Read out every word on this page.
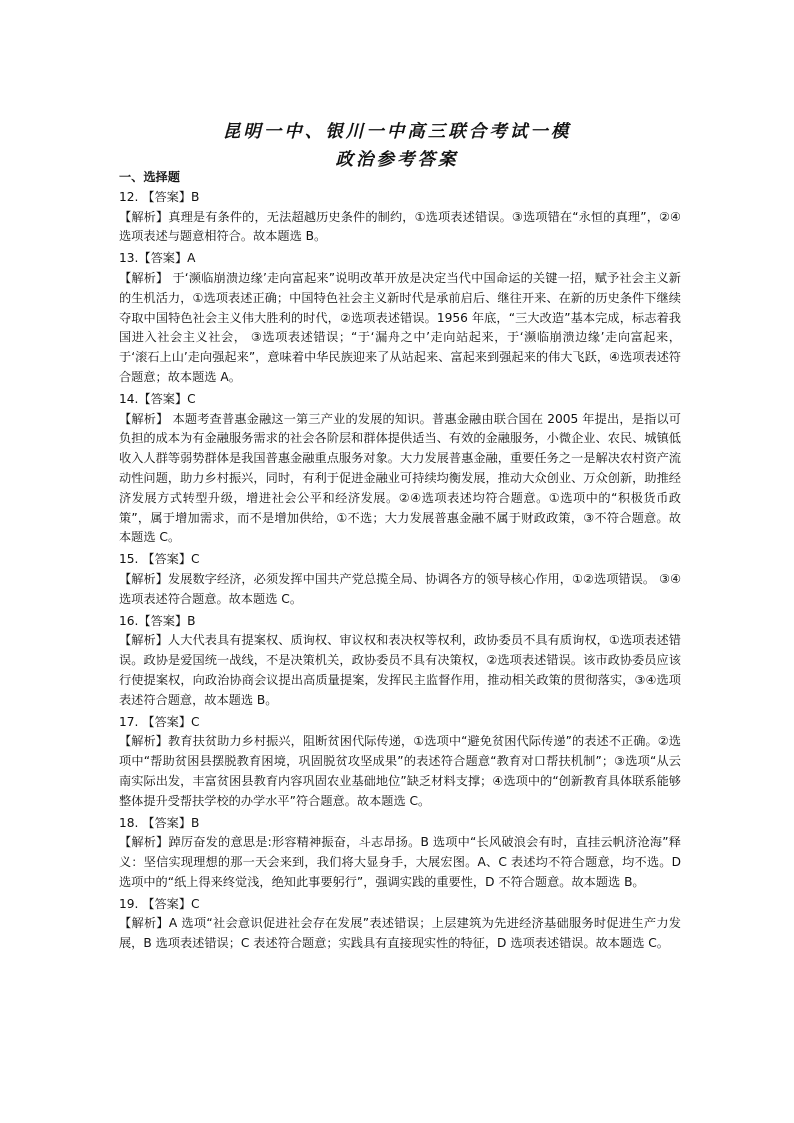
昆明一中、银川一中高三联合考试一模
政治参考答案

一、选择题

12. 【答案】B

【解析】真理是有条件的，无法超越历史条件的制约，①选项表述错误。③选项错在“永恒的真理”，②④ 选项表述与题意相符合。故本题选 B。

13.【答案】A

【解析】 于‘濒临崩溃边缘’走向富起来”说明改革开放是决定当代中国命运的关键一招，赋予社会主义新的生机活力，①选项表述正确；中国特色社会主义新时代是承前启后、继往开来、在新的历史条件下继续夺取中国特色社会主义伟大胜利的时代，②选项表述错误。1956 年底，“三大改造”基本完成，标志着我国进入社会主义社会， ③选项表述错误；“于‘漏舟之中’走向站起来，于‘濒临崩溃边缘’走向富起来，于‘滚石上山’走向强起来”，意味着中华民族迎来了从站起来、富起来到强起来的伟大飞跃，④选项表述符合题意；故本题选 A。

14.【答案】C

【解析】 本题考查普惠金融这一第三产业的发展的知识。普惠金融由联合国在 2005 年提出，是指以可负担的成本为有金融服务需求的社会各阶层和群体提供适当、有效的金融服务，小微企业、农民、城镇低收入人群等弱势群体是我国普惠金融重点服务对象。大力发展普惠金融，重要任务之一是解决农村资产流动性问题，助力乡村振兴，同时，有利于促进金融业可持续均衡发展，推动大众创业、万众创新，助推经济发展方式转型升级，增进社会公平和经济发展。②④选项表述均符合题意。①选项中的“积极货币政策”，属于增加需求，而不是增加供给，①不选；大力发展普惠金融不属于财政政策，③不符合题意。故本题选 C。

15. 【答案】C

【解析】发展数字经济，必须发挥中国共产党总揽全局、协调各方的领导核心作用，①②选项错误。 ③④选项表述符合题意。故本题选 C。

16.【答案】B

【解析】人大代表具有提案权、质询权、审议权和表决权等权利，政协委员不具有质询权，①选项表述错误。政协是爱国统一战线，不是决策机关，政协委员不具有决策权，②选项表述错误。该市政协委员应该行使提案权，向政治协商会议提出高质量提案，发挥民主监督作用，推动相关政策的贯彻落实，③④选项表述符合题意，故本题选 B。

17. 【答案】C

【解析】教育扶贫助力乡村振兴，阻断贫困代际传递，①选项中“避免贫困代际传递”的表述不正确。②选项中“帮助贫困县摆脱教育困境，巩固脱贫攻坚成果”的表述符合题意“教育对口帮扶机制”；③选项“从云南实际出发，丰富贫困县教育内容巩固农业基础地位”缺乏材料支撑；④选项中的“创新教育具体联系能够整体提升受帮扶学校的办学水平”符合题意。故本题选 C。

18. 【答案】B

【解析】踔厉奋发的意思是:形容精神振奋，斗志昂扬。B 选项中“长风破浪会有时，直挂云帆济沧海”释义：坚信实现理想的那一天会来到，我们将大显身手，大展宏图。A、C 表述均不符合题意，均不选。D 选项中的“纸上得来终觉浅，绝知此事要躬行”，强调实践的重要性，D 不符合题意。故本题选 B。

19. 【答案】C

【解析】A 选项“社会意识促进社会存在发展”表述错误；上层建筑为先进经济基础服务时促进生产力发展，B 选项表述错误；C 表述符合题意；实践具有直接现实性的特征，D 选项表述错误。故本题选 C。
